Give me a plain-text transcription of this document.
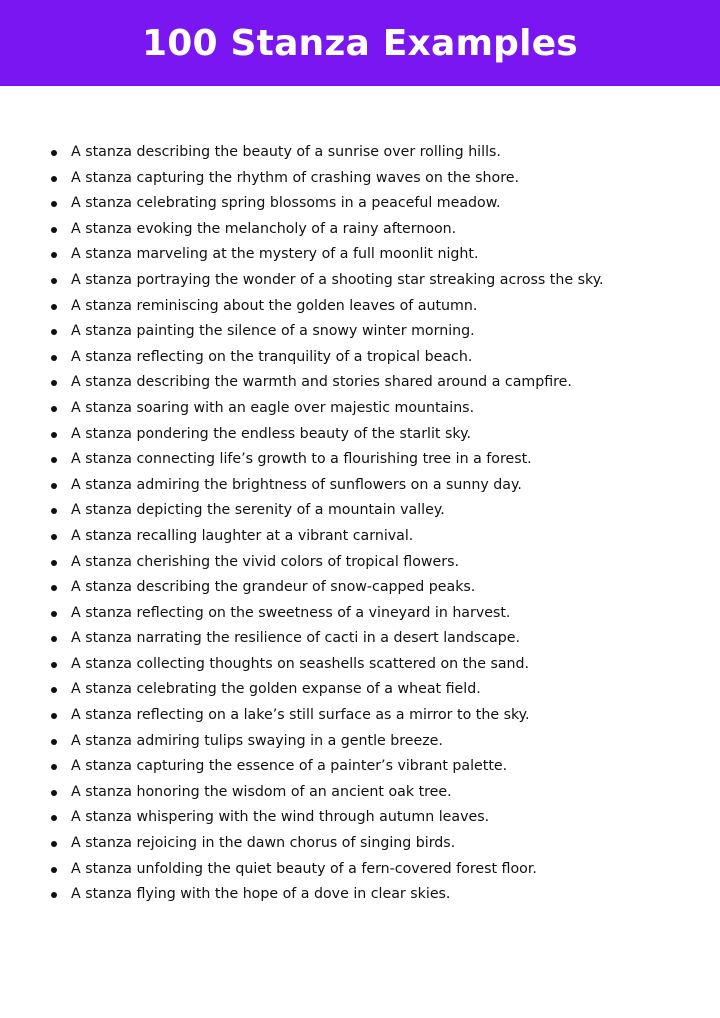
100 Stanza Examples
A stanza describing the beauty of a sunrise over rolling hills.
A stanza capturing the rhythm of crashing waves on the shore.
A stanza celebrating spring blossoms in a peaceful meadow.
A stanza evoking the melancholy of a rainy afternoon.
A stanza marveling at the mystery of a full moonlit night.
A stanza portraying the wonder of a shooting star streaking across the sky.
A stanza reminiscing about the golden leaves of autumn.
A stanza painting the silence of a snowy winter morning.
A stanza reflecting on the tranquility of a tropical beach.
A stanza describing the warmth and stories shared around a campfire.
A stanza soaring with an eagle over majestic mountains.
A stanza pondering the endless beauty of the starlit sky.
A stanza connecting life’s growth to a flourishing tree in a forest.
A stanza admiring the brightness of sunflowers on a sunny day.
A stanza depicting the serenity of a mountain valley.
A stanza recalling laughter at a vibrant carnival.
A stanza cherishing the vivid colors of tropical flowers.
A stanza describing the grandeur of snow-capped peaks.
A stanza reflecting on the sweetness of a vineyard in harvest.
A stanza narrating the resilience of cacti in a desert landscape.
A stanza collecting thoughts on seashells scattered on the sand.
A stanza celebrating the golden expanse of a wheat field.
A stanza reflecting on a lake’s still surface as a mirror to the sky.
A stanza admiring tulips swaying in a gentle breeze.
A stanza capturing the essence of a painter’s vibrant palette.
A stanza honoring the wisdom of an ancient oak tree.
A stanza whispering with the wind through autumn leaves.
A stanza rejoicing in the dawn chorus of singing birds.
A stanza unfolding the quiet beauty of a fern-covered forest floor.
A stanza flying with the hope of a dove in clear skies.
